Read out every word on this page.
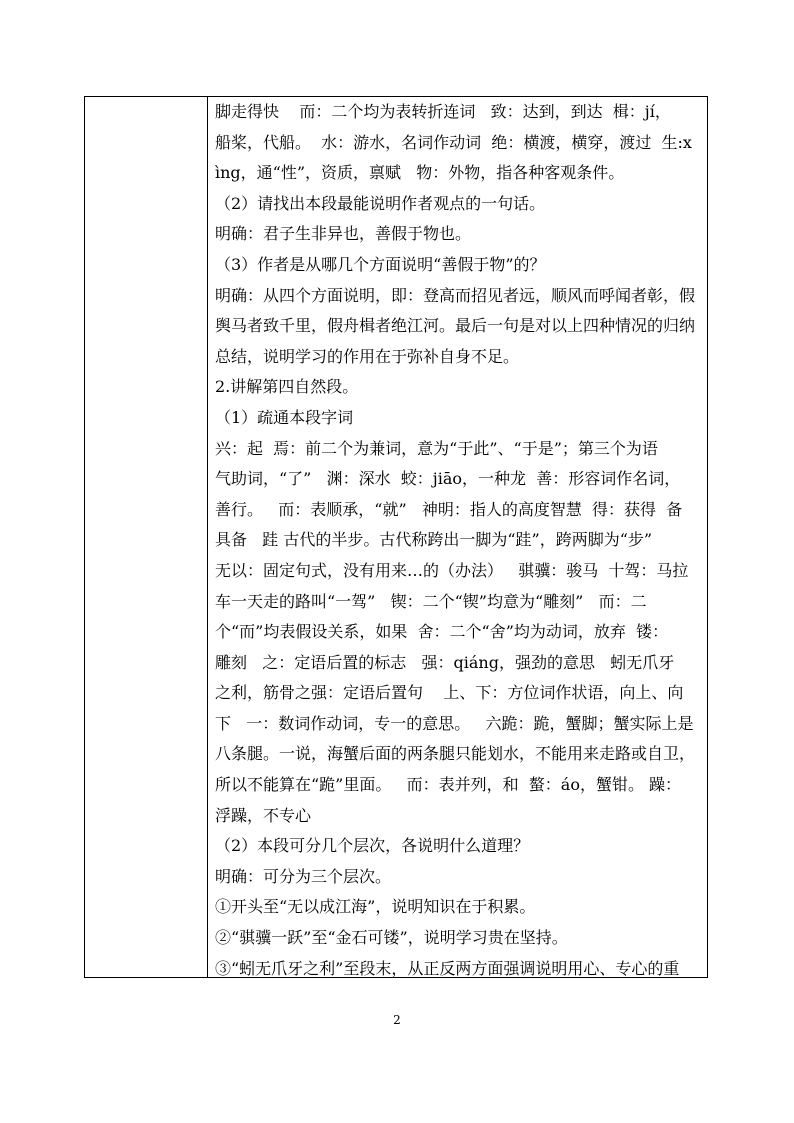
脚走得快    而：二个均为表转折连词   致：达到，到达  楫：jí，
船桨，代船。  水：游水，名词作动词  绝：横渡，横穿，渡过  生:x
ìng，通“性”，资质，禀赋   物：外物，指各种客观条件。
（2）请找出本段最能说明作者观点的一句话。
明确：君子生非异也，善假于物也。
（3）作者是从哪几个方面说明“善假于物”的？
明确：从四个方面说明，即：登高而招见者远，顺风而呼闻者彰，假
舆马者致千里，假舟楫者绝江河。最后一句是对以上四种情况的归纳
总结，说明学习的作用在于弥补自身不足。
2.讲解第四自然段。
（1）疏通本段字词
兴：起  焉：前二个为兼词，意为“于此”、“于是”；第三个为语
气助词，“了”   渊：深水  蛟：jiāo，一种龙  善：形容词作名词，
善行。   而：表顺承，“就”   神明：指人的高度智慧  得：获得  备
具备   跬 古代的半步。古代称跨出一脚为“跬”，跨两脚为“步”
无以：固定句式，没有用来…的（办法）   骐骥：骏马  十驾：马拉
车一天走的路叫“一驾”   锲：二个“锲”均意为“雕刻”   而：二
个“而”均表假设关系，如果  舍：二个“舍”均为动词，放弃  镂：
雕刻   之：定语后置的标志   强：qiáng，强劲的意思   蚓无爪牙
之利，筋骨之强：定语后置句    上、下：方位词作状语，向上、向
下   一：数词作动词，专一的意思。   六跪：跪，蟹脚；蟹实际上是
八条腿。一说，海蟹后面的两条腿只能划水，不能用来走路或自卫，
所以不能算在“跪”里面。   而：表并列，和  螯：áo，蟹钳。 躁：
浮躁，不专心
（2）本段可分几个层次，各说明什么道理？
明确：可分为三个层次。
①开头至“无以成江海”，说明知识在于积累。
②“骐骥一跃”至“金石可镂”，说明学习贵在坚持。
③“蚓无爪牙之利”至段末，从正反两方面强调说明用心、专心的重
2
